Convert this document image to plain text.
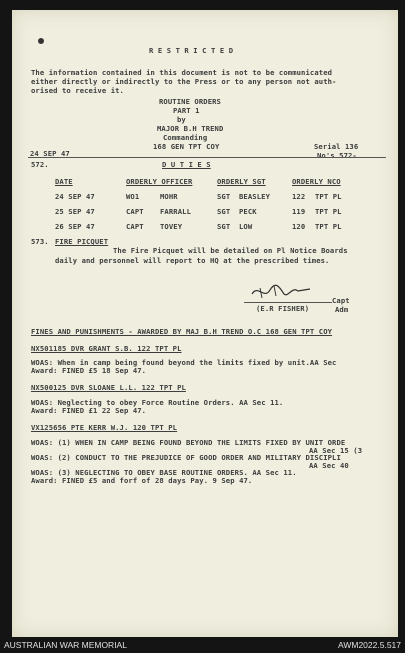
R E S T R I C T E D
The information contained in this document is not to be communicated
either directly or indirectly to the Press or to any person not auth-
orised to receive it.
ROUTINE ORDERS
PART 1
by
MAJOR B.H TREND
Commanding
168 GEN TPT COY
24 SEP 47
Serial 136
No's 572-
572.	D U T I E S
DATE	ORDERLY OFFICER	ORDERLY SGT	ORDERLY NCO
24 SEP 47	WO1	MOHR	SGT BEASLEY	122 TPT PL
25 SEP 47	CAPT FARRALL	SGT PECK	119 TPT PL
26 SEP 47	CAPT TOVEY	SGT LOW	120 TPT PL
573. FIRE PICQUET
The Fire Picquet will be detailed on Pl Notice Boards
daily and personnel will report to HQ at the prescribed times.
(E.R FISHER)
Capt
Adm
FINES AND PUNISHMENTS - AWARDED BY MAJ B.H TREND O.C 168 GEN TPT COY
NX501185 DVR GRANT S.B. 122 TPT PL
WOAS: When in camp being found beyond the limits fixed by unit.AA Sec
Award: FINED £5 18 Sep 47.
NX500125 DVR SLOANE L.L. 122 TPT PL
WOAS: Neglecting to obey Force Routine Orders. AA Sec 11.
Award: FINED £1 22 Sep 47.
VX125656 PTE KERR W.J. 120 TPT PL
WOAS: (1) WHEN IN CAMP BEING FOUND BEYOND THE LIMITS FIXED BY UNIT ORDE
AA Sec 15 (3
WOAS: (2) CONDUCT TO THE PREJUDICE OF GOOD ORDER AND MILITARY DISCIPLI
AA Sec 40
WOAS: (3) NEGLECTING TO OBEY BASE ROUTINE ORDERS. AA Sec 11.
Award: FINED £5 and forf of 28 days Pay. 9 Sep 47.
AUSTRALIAN WAR MEMORIAL	AWM2022.5.517
